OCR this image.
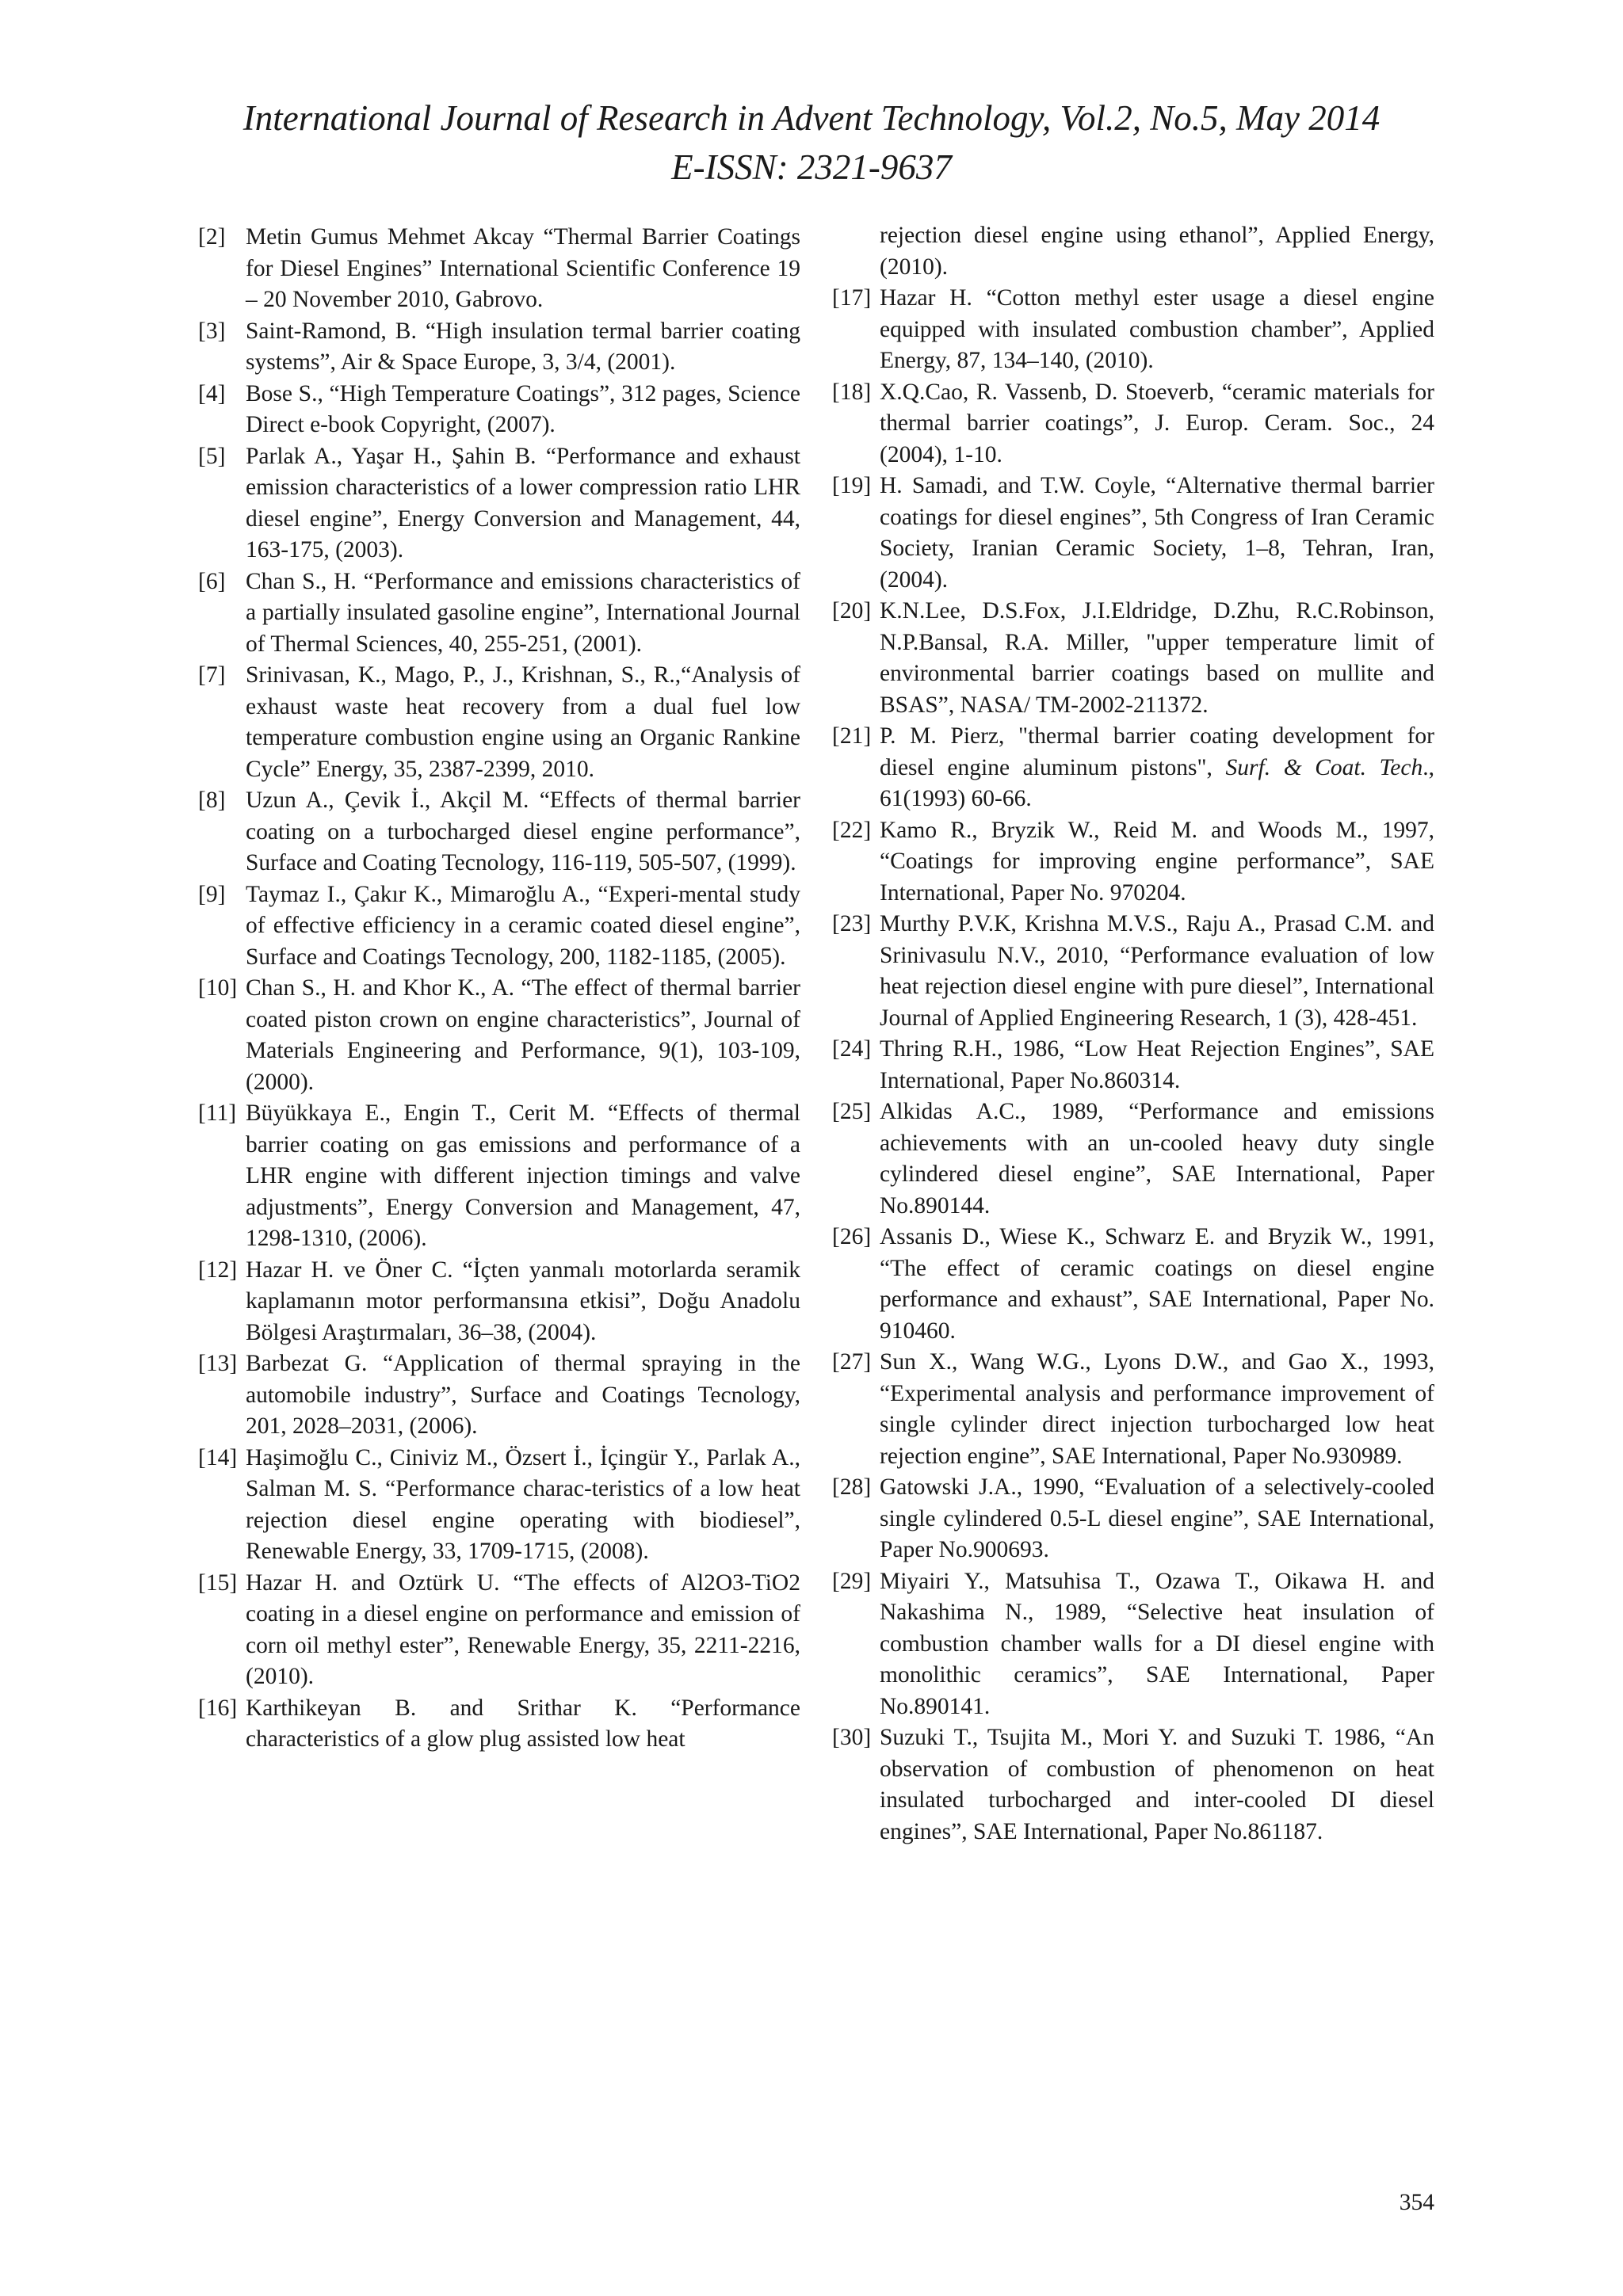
International Journal of Research in Advent Technology, Vol.2, No.5, May 2014
E-ISSN: 2321-9637
[2] Metin Gumus Mehmet Akcay “Thermal Barrier Coatings for Diesel Engines” International Scientific Conference 19 – 20 November 2010, Gabrovo.
[3] Saint-Ramond, B. “High insulation termal barrier coating systems”, Air & Space Europe, 3, 3/4, (2001).
[4] Bose S., “High Temperature Coatings”, 312 pages, Science Direct e-book Copyright, (2007).
[5] Parlak A., Yaşar H., Şahin B. “Performance and exhaust emission characteristics of a lower compression ratio LHR diesel engine”, Energy Conversion and Management, 44, 163-175, (2003).
[6] Chan S., H. “Performance and emissions characteristics of a partially insulated gasoline engine”, International Journal of Thermal Sciences, 40, 255-251, (2001).
[7] Srinivasan, K., Mago, P., J., Krishnan, S., R.,“Analysis of exhaust waste heat recovery from a dual fuel low temperature combustion engine using an Organic Rankine Cycle” Energy, 35, 2387-2399, 2010.
[8] Uzun A., Çevik İ., Akçil M. “Effects of thermal barrier coating on a turbocharged diesel engine performance”, Surface and Coating Tecnology, 116-119, 505-507, (1999).
[9] Taymaz I., Çakır K., Mimaroğlu A., “Experi-mental study of effective efficiency in a ceramic coated diesel engine”, Surface and Coatings Tecnology, 200, 1182-1185, (2005).
[10] Chan S., H. and Khor K., A. “The effect of thermal barrier coated piston crown on engine characteristics”, Journal of Materials Engineering and Performance, 9(1), 103-109, (2000).
[11] Büyükkaya E., Engin T., Cerit M. “Effects of thermal barrier coating on gas emissions and performance of a LHR engine with different injection timings and valve adjustments”, Energy Conversion and Management, 47, 1298-1310, (2006).
[12] Hazar H. ve Öner C. “İçten yanmalı motorlarda seramik kaplamanın motor performansına etkisi”, Doğu Anadolu Bölgesi Araştırmaları, 36–38, (2004).
[13] Barbezat G. “Application of thermal spraying in the automobile industry”, Surface and Coatings Tecnology, 201, 2028–2031, (2006).
[14] Haşimoğlu C., Ciniviz M., Özsert İ., İçingür Y., Parlak A., Salman M. S. “Performance charac-teristics of a low heat rejection diesel engine operating with biodiesel”, Renewable Energy, 33, 1709-1715, (2008).
[15] Hazar H. and Oztürk U. “The effects of Al2O3-TiO2 coating in a diesel engine on performance and emission of corn oil methyl ester”, Renewable Energy, 35, 2211-2216, (2010).
[16] Karthikeyan B. and Srithar K. “Performance characteristics of a glow plug assisted low heat
rejection diesel engine using ethanol”, Applied Energy, (2010).
[17] Hazar H. “Cotton methyl ester usage a diesel engine equipped with insulated combustion chamber”, Applied Energy, 87, 134–140, (2010).
[18] X.Q.Cao, R. Vassenb, D. Stoeverb, “ceramic materials for thermal barrier coatings”, J. Europ. Ceram. Soc., 24 (2004), 1-10.
[19] H. Samadi, and T.W. Coyle, “Alternative thermal barrier coatings for diesel engines”, 5th Congress of Iran Ceramic Society, Iranian Ceramic Society, 1–8, Tehran, Iran, (2004).
[20] K.N.Lee, D.S.Fox, J.I.Eldridge, D.Zhu, R.C.Robinson, N.P.Bansal, R.A. Miller, "upper temperature limit of environmental barrier coatings based on mullite and BSAS”, NASA/ TM-2002-211372.
[21] P. M. Pierz, "thermal barrier coating development for diesel engine aluminum pistons", Surf. & Coat. Tech., 61(1993) 60-66.
[22] Kamo R., Bryzik W., Reid M. and Woods M., 1997, “Coatings for improving engine performance”, SAE International, Paper No. 970204.
[23] Murthy P.V.K, Krishna M.V.S., Raju A., Prasad C.M. and Srinivasulu N.V., 2010, “Performance evaluation of low heat rejection diesel engine with pure diesel”, International Journal of Applied Engineering Research, 1 (3), 428-451.
[24] Thring R.H., 1986, “Low Heat Rejection Engines”, SAE International, Paper No.860314.
[25] Alkidas A.C., 1989, “Performance and emissions achievements with an un-cooled heavy duty single cylindered diesel engine”, SAE International, Paper No.890144.
[26] Assanis D., Wiese K., Schwarz E. and Bryzik W., 1991, “The effect of ceramic coatings on diesel engine performance and exhaust”, SAE International, Paper No. 910460.
[27] Sun X., Wang W.G., Lyons D.W., and Gao X., 1993, “Experimental analysis and performance improvement of single cylinder direct injection turbocharged low heat rejection engine”, SAE International, Paper No.930989.
[28] Gatowski J.A., 1990, “Evaluation of a selectively-cooled single cylindered 0.5-L diesel engine”, SAE International, Paper No.900693.
[29] Miyairi Y., Matsuhisa T., Ozawa T., Oikawa H. and Nakashima N., 1989, “Selective heat insulation of combustion chamber walls for a DI diesel engine with monolithic ceramics”, SAE International, Paper No.890141.
[30] Suzuki T., Tsujita M., Mori Y. and Suzuki T. 1986, “An observation of combustion of phenomenon on heat insulated turbocharged and inter-cooled DI diesel engines”, SAE International, Paper No.861187.
354
